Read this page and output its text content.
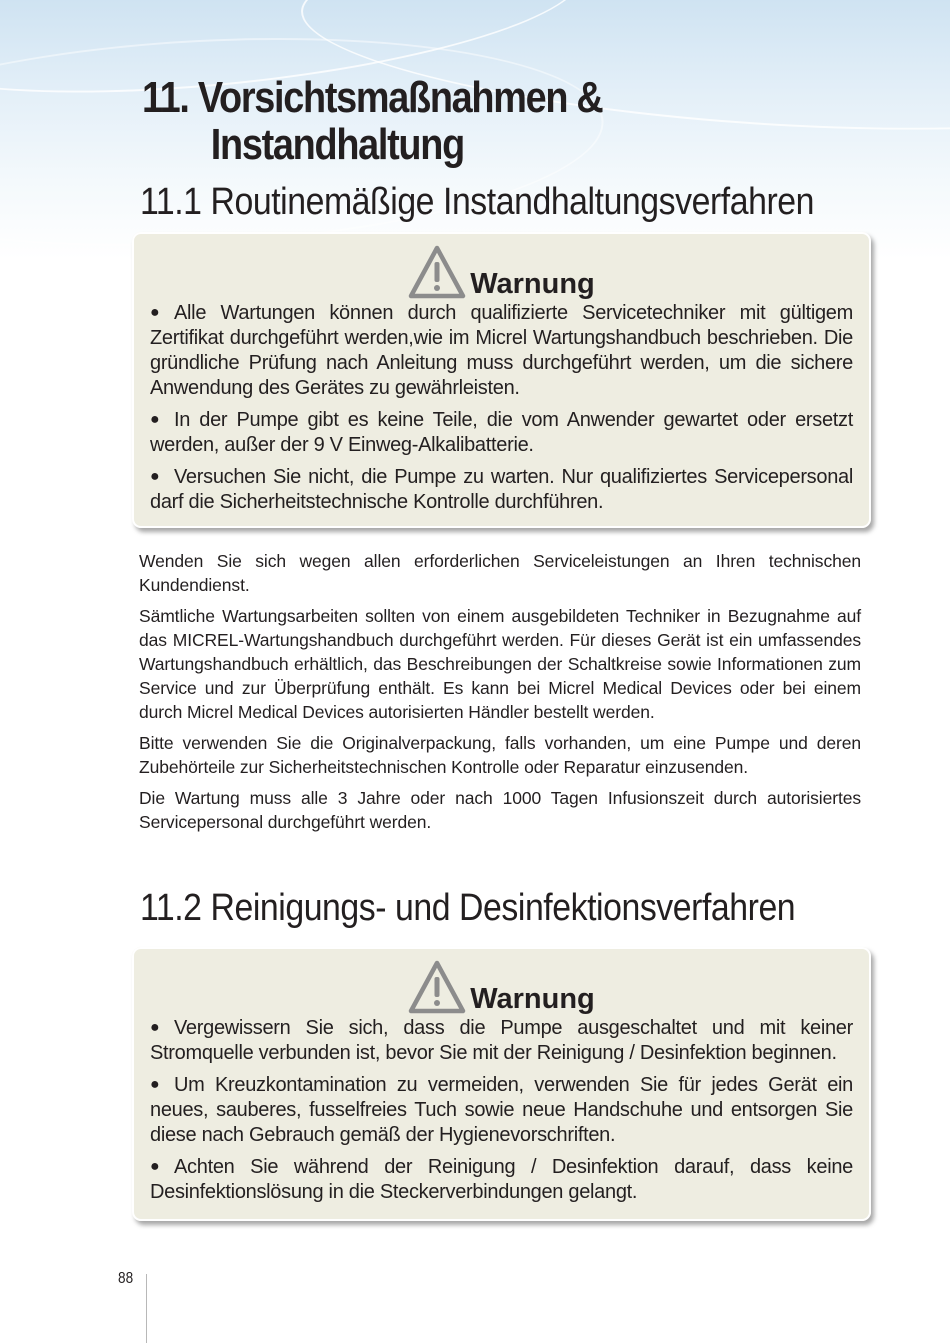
11. Vorsichtsmaßnahmen &
Instandhaltung
11.1 Routinemäßige Instandhaltungsverfahren
Warnung
● Alle Wartungen können durch qualifizierte Servicetechniker mit gültigem Zertifikat durchgeführt werden,wie im Micrel Wartungshandbuch beschrieben. Die gründliche Prüfung nach Anleitung muss durchgeführt werden, um die sichere Anwendung des Gerätes zu gewährleisten.
● In der Pumpe gibt es keine Teile, die vom Anwender gewartet oder ersetzt werden, außer der 9 V Einweg-Alkalibatterie.
● Versuchen Sie nicht, die Pumpe zu warten. Nur qualifiziertes Servicepersonal darf die Sicherheitstechnische Kontrolle durchführen.

Wenden Sie sich wegen allen erforderlichen Serviceleistungen an Ihren technischen Kundendienst.

Sämtliche Wartungsarbeiten sollten von einem ausgebildeten Techniker in Bezugnahme auf das MICREL-Wartungshandbuch durchgeführt werden. Für dieses Gerät ist ein umfassendes Wartungshandbuch erhältlich, das Beschreibungen der Schaltkreise sowie Informationen zum Service und zur Überprüfung enthält. Es kann bei Micrel Medical Devices oder bei einem durch Micrel Medical Devices autorisierten Händler bestellt werden.

Bitte verwenden Sie die Originalverpackung, falls vorhanden, um eine Pumpe und deren Zubehörteile zur Sicherheitstechnischen Kontrolle oder Reparatur einzusenden.

Die Wartung muss alle 3 Jahre oder nach 1000 Tagen Infusionszeit durch autorisiertes Servicepersonal durchgeführt werden.

11.2 Reinigungs- und Desinfektionsverfahren
Warnung
● Vergewissern Sie sich, dass die Pumpe ausgeschaltet und mit keiner Stromquelle verbunden ist, bevor Sie mit der Reinigung / Desinfektion beginnen.
● Um Kreuzkontamination zu vermeiden, verwenden Sie für jedes Gerät ein neues, sauberes, fusselfreies Tuch sowie neue Handschuhe und entsorgen Sie diese nach Gebrauch gemäß der Hygienevorschriften.
● Achten Sie während der Reinigung / Desinfektion darauf, dass keine Desinfektionslösung in die Steckerverbindungen gelangt.
88
